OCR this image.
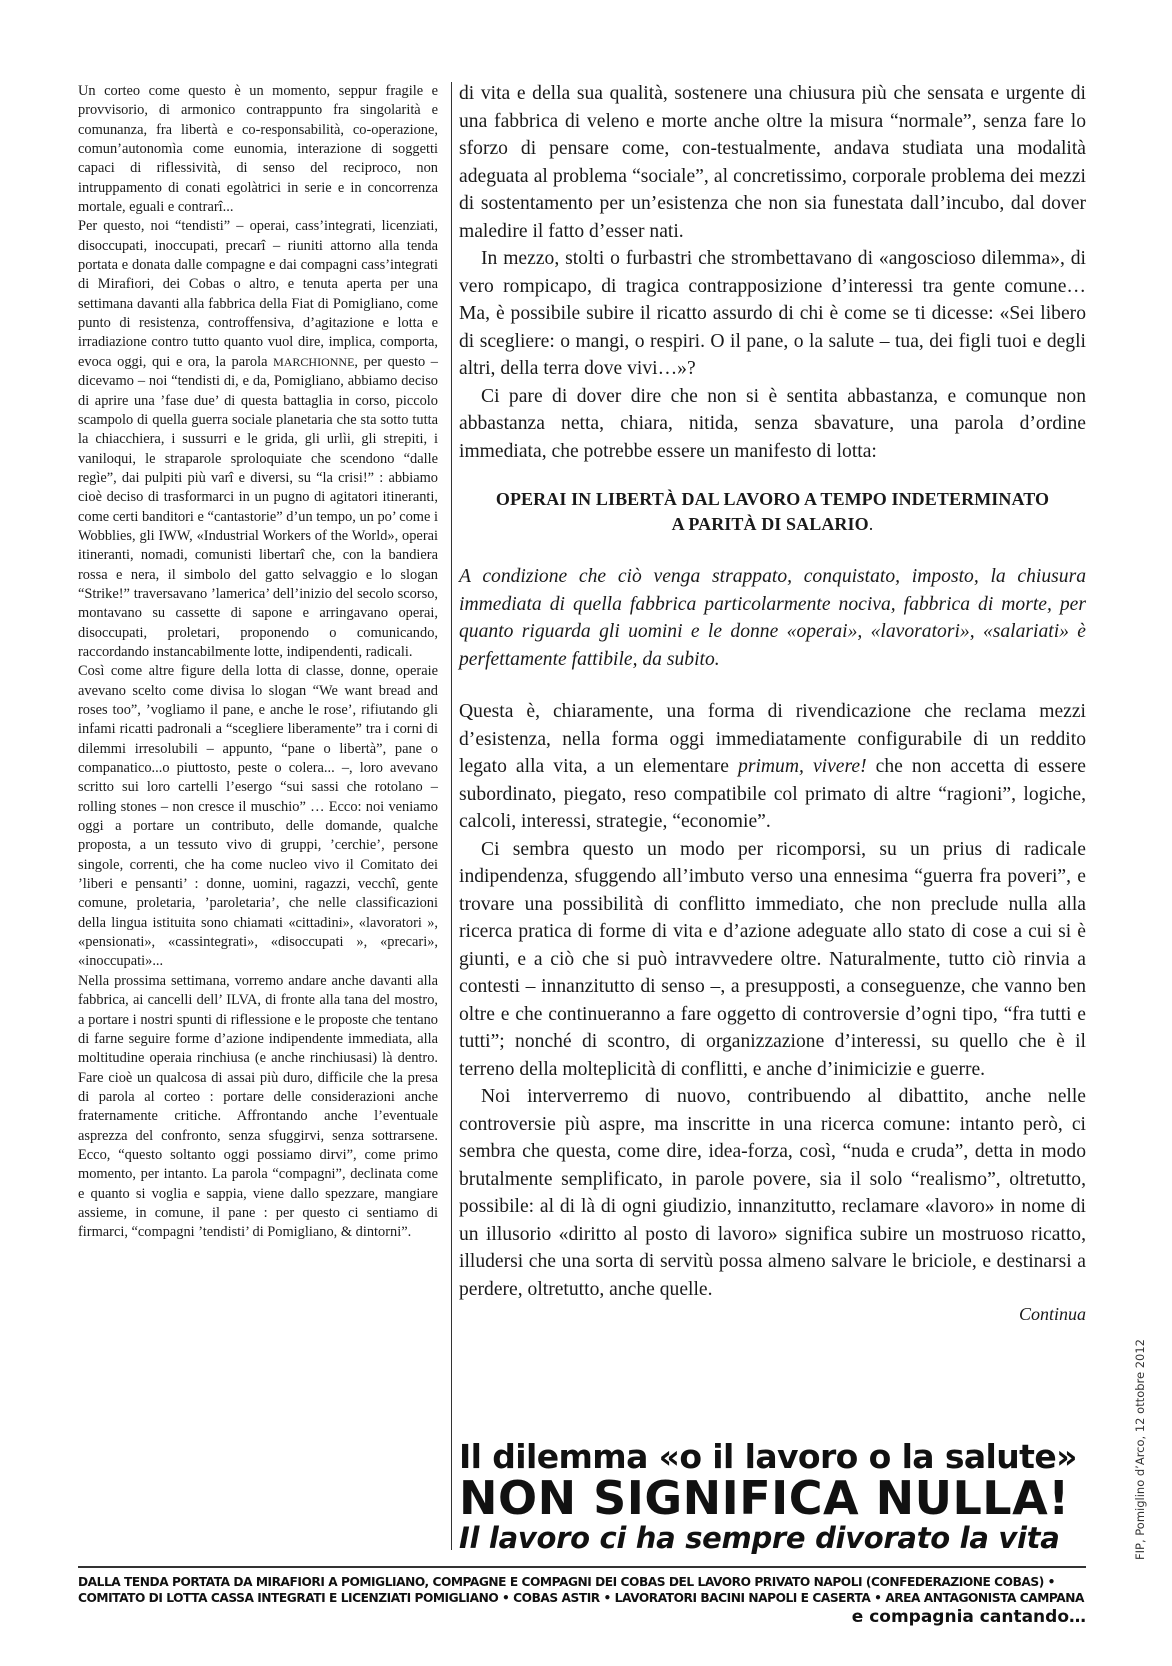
Un corteo come questo è un momento, seppur fragile e provvisorio, di armonico contrappunto fra singolarità e comunanza, fra libertà e co-responsabilità, co-operazione, comun’autonomìa come eunomia, interazione di soggetti capaci di riflessività, di senso del reciproco, non intruppamento di conati egolàtrici in serie e in concorrenza mortale, eguali e contrarî...

Per questo, noi “tendisti” – operai, cass’integrati, licenziati, disoccupati, inoccupati, precarî – riuniti attorno alla tenda portata e donata dalle compagne e dai compagni cass’integrati di Mirafiori, dei Cobas o altro, e tenuta aperta per una settimana davanti alla fabbrica della Fiat di Pomigliano, come punto di resistenza, controffensiva, d’agitazione e lotta e irradiazione contro tutto quanto vuol dire, implica, comporta, evoca oggi, qui e ora, la parola MARCHIONNE, per questo – dicevamo – noi “tendisti di, e da, Pomigliano, abbiamo deciso di aprire una ’fase due’ di questa battaglia in corso, piccolo scampolo di quella guerra sociale planetaria che sta sotto tutta la chiacchiera, i sussurri e le grida, gli urlìi, gli strepiti, i vaniloqui, le straparole sproloquiate che scendono “dalle regìe”, dai pulpiti più varî e diversi, su “la crisi!” : abbiamo cioè deciso di trasformarci in un pugno di agitatori itineranti, come certi banditori e “cantastorie” d’un tempo, un po’ come i Wobblies, gli IWW, «Industrial Workers of the World», operai itineranti, nomadi, comunisti libertarî che, con la bandiera rossa e nera, il simbolo del gatto selvaggio e lo slogan “Strike!” traversavano ’lamerica’ dell’inizio del secolo scorso, montavano su cassette di sapone e arringavano operai, disoccupati, proletari, proponendo o comunicando, raccordando instancabilmente lotte, indipendenti, radicali.

Così come altre figure della lotta di classe, donne, operaie avevano scelto come divisa lo slogan “We want bread and roses too”, ’vogliamo il pane, e anche le rose’, rifiutando gli infami ricatti padronali a “scegliere liberamente” tra i corni di dilemmi irresolubili – appunto, “pane o libertà”, pane o companatico...o piuttosto, peste o colera... –, loro avevano scritto sui loro cartelli l’esergo “sui sassi che rotolano – rolling stones – non cresce il muschio” … Ecco: noi veniamo oggi a portare un contributo, delle domande, qualche proposta, a un tessuto vivo di gruppi, ’cerchie’, persone singole, correnti, che ha come nucleo vivo il Comitato dei ’liberi e pensanti’ : donne, uomini, ragazzi, vecchî, gente comune, proletaria, ’paroletaria’, che nelle classificazioni della lingua istituita sono chiamati «cittadini», «lavoratori », «pensionati», «cassintegrati», «disoccupati », «precari», «inoccupati»...

Nella prossima settimana, vorremo andare anche davanti alla fabbrica, ai cancelli dell’ ILVA, di fronte alla tana del mostro, a portare i nostri spunti di riflessione e le proposte che tentano di farne seguire forme d’azione indipendente immediata, alla moltitudine operaia rinchiusa (e anche rinchiusasi) là dentro. Fare cioè un qualcosa di assai più duro, difficile che la presa di parola al corteo : portare delle considerazioni anche fraternamente critiche. Affrontando anche l’eventuale asprezza del confronto, senza sfuggirvi, senza sottrarsene. Ecco, “questo soltanto oggi possiamo dirvi”, come primo momento, per intanto. La parola “compagni”, declinata come e quanto si voglia e sappia, viene dallo spezzare, mangiare assieme, in comune, il pane : per questo ci sentiamo di firmarci, “compagni ’tendisti’ di Pomigliano, & dintorni”.

di vita e della sua qualità, sostenere una chiusura più che sensata e urgente di una fabbrica di veleno e morte anche oltre la misura “normale”, senza fare lo sforzo di pensare come, con-testualmente, andava studiata una modalità adeguata al problema “sociale”, al concretissimo, corporale problema dei mezzi di sostentamento per un’esistenza che non sia funestata dall’incubo, dal dover maledire il fatto d’esser nati.

In mezzo, stolti o furbastri che strombettavano di «angoscioso dilemma», di vero rompicapo, di tragica contrapposizione d’interessi tra gente comune… Ma, è possibile subire il ricatto assurdo di chi è come se ti dicesse: «Sei libero di scegliere: o mangi, o respiri. O il pane, o la salute – tua, dei figli tuoi e degli altri, della terra dove vivi…»?

Ci pare di dover dire che non si è sentita abbastanza, e comunque non abbastanza netta, chiara, nitida, senza sbavature, una parola d’ordine immediata, che potrebbe essere un manifesto di lotta:

OPERAI IN LIBERTÀ DAL LAVORO A TEMPO INDETERMINATO
A PARITÀ DI SALARIO.

A condizione che ciò venga strappato, conquistato, imposto, la chiusura immediata di quella fabbrica particolarmente nociva, fabbrica di morte, per quanto riguarda gli uomini e le donne «operai», «lavoratori», «salariati» è perfettamente fattibile, da subito.

Questa è, chiaramente, una forma di rivendicazione che reclama mezzi d’esistenza, nella forma oggi immediatamente configurabile di un reddito legato alla vita, a un elementare primum, vivere! che non accetta di essere subordinato, piegato, reso compatibile col primato di altre “ragioni”, logiche, calcoli, interessi, strategie, “economie”.

Ci sembra questo un modo per ricomporsi, su un prius di radicale indipendenza, sfuggendo all’imbuto verso una ennesima “guerra fra poveri”, e trovare una possibilità di conflitto immediato, che non preclude nulla alla ricerca pratica di forme di vita e d’azione adeguate allo stato di cose a cui si è giunti, e a ciò che si può intravvedere oltre. Naturalmente, tutto ciò rinvia a contesti – innanzitutto di senso –, a presupposti, a conseguenze, che vanno ben oltre e che continueranno a fare oggetto di controversie d’ogni tipo, “fra tutti e tutti”; nonché di scontro, di organizzazione d’interessi, su quello che è il terreno della molteplicità di conflitti, e anche d’inimicizie e guerre.

Noi interverremo di nuovo, contribuendo al dibattito, anche nelle controversie più aspre, ma inscritte in una ricerca comune: intanto però, ci sembra che questa, come dire, idea-forza, così, “nuda e cruda”, detta in modo brutalmente semplificato, in parole povere, sia il solo “realismo”, oltretutto, possibile: al di là di ogni giudizio, innanzitutto, reclamare «lavoro» in nome di un illusorio «diritto al posto di lavoro» significa subire un mostruoso ricatto, illudersi che una sorta di servitù possa almeno salvare le briciole, e destinarsi a perdere, oltretutto, anche quelle.

Continua
Il dilemma «o il lavoro o la salute»
NON SIGNIFICA NULLA!
Il lavoro ci ha sempre divorato la vita
DALLA TENDA PORTATA DA MIRAFIORI A POMIGLIANO, COMPAGNE E COMPAGNI DEI COBAS DEL LAVORO PRIVATO NAPOLI (CONFEDERAZIONE COBAS) •
COMITATO DI LOTTA CASSA INTEGRATI E LICENZIATI POMIGLIANO • COBAS ASTIR • LAVORATORI BACINI NAPOLI E CASERTA • AREA ANTAGONISTA CAMPANA
e compagnia cantando…
FIP, Pomiglino d’Arco, 12 ottobre 2012
